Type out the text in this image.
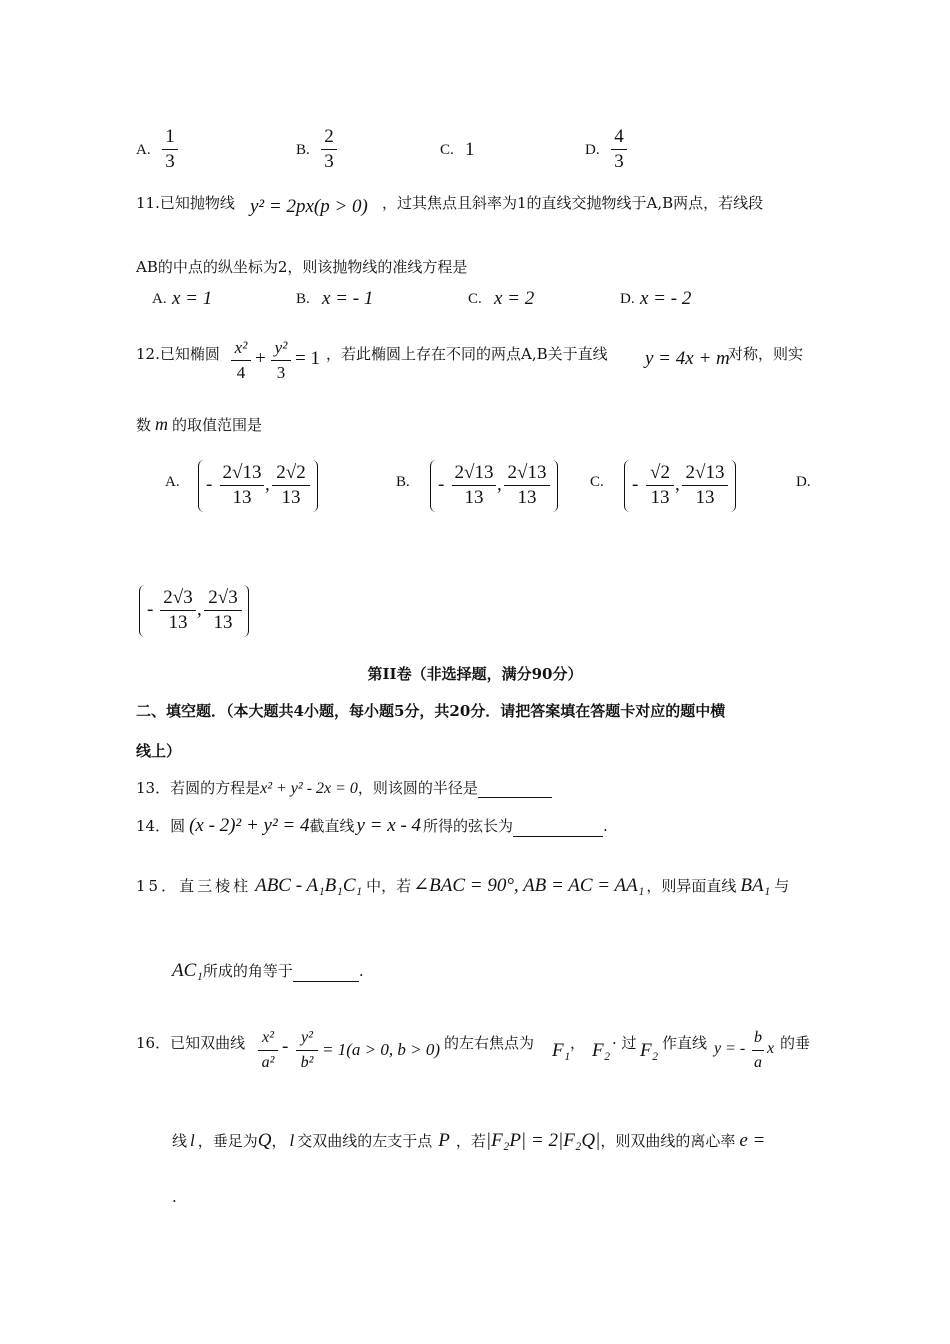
A.
1
3
B.
2
3
C. 1	D.
4
3
11.已知抛物线 y² = 2px(p > 0) ，过其焦点且斜率为1的直线交抛物线于A,B两点，若线段
AB的中点的纵坐标为2，则该抛物线的准线方程是
A. x = 1	B. x = - 1	C. x = 2	D. x = - 2
12.已知椭圆 x²
4
+
y²
3
= 1 ，若此椭圆上存在不同的两点A,B关于直线 y = 4x + m
对称，则实
数 m 的取值范围是
A. -
2√13
13
,
2√2
13
B. -
2√13
13
,
2√13
13
C. -
√2
13
,
2√13
13
D.
-
2√3
13
,
2√3
13
第II卷（非选择题，满分90分）
二、填空题．（本大题共4小题，每小题5分，共20分．请把答案填在答题卡对应的题中横
线上）
13．若圆的方程是x² + y² - 2x = 0，则该圆的半径是
14．圆 (x - 2)² + y² = 4截直线 y = x - 4 所得的弦长为	.
15．直三棱柱 ABC - A₁B₁C₁ 中，若 ∠BAC = 90°, AB = AC = AA₁ ，则异面直线 BA₁ 与
AC₁所成的角等于	.
16．已知双曲线 x²
a²
- y²
b²
= 1(a > 0, b > 0) 的左右焦点为 F₁ ， F₂ · 过 F₂ 作直线 y = -
b
a
x 的垂
线 l ，垂足为Q， l 交双曲线的左支于点 P ，若|F₂P| = 2|F₂Q|，则双曲线的离心率 e =
.
